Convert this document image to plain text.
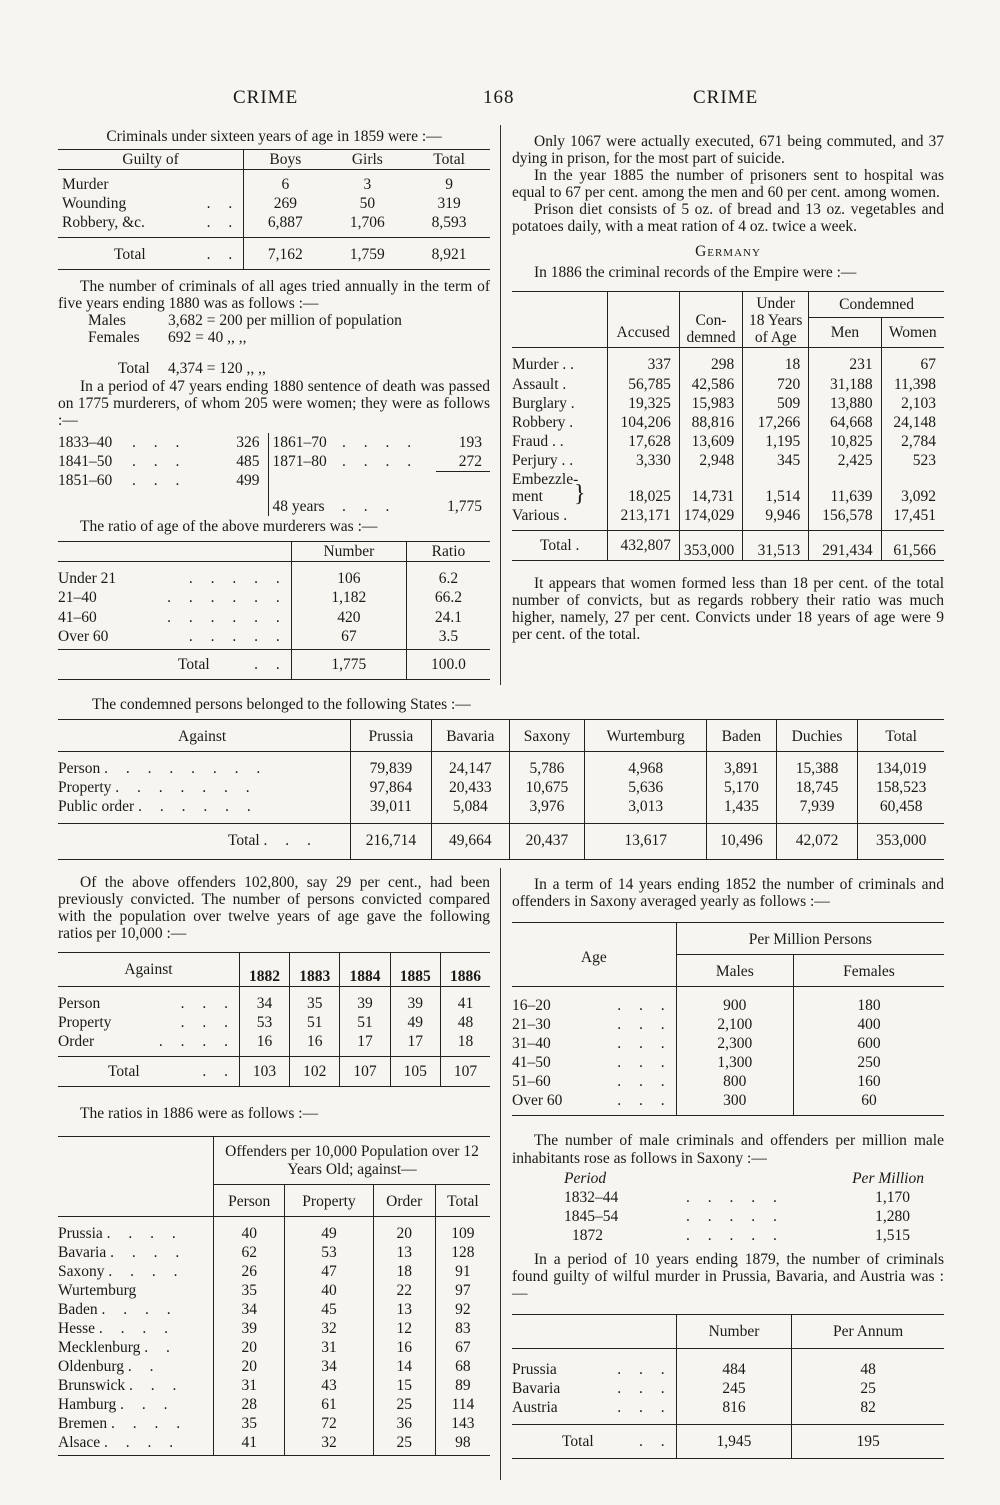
CRIME	168	CRIME

Criminals under sixteen years of age in 1859 were :—

Guilty of	Boys	Girls	Total
Murder	6	3	9
Wounding . .	269	50	319
Robbery, &c. . .	6,887	1,706	8,593
Total . .	7,162	1,759	8,921

The number of criminals of all ages tried annually in the term of five years ending 1880 was as follows :—

Males	3,682 = 200 per million of population
Females 692 = 40 ,, ,,
Total 4,374 = 120 ,, ,,

In a period of 47 years ending 1880 sentence of death was passed on 1775 murderers, of whom 205 were women; they were as follows :—

1833–40	. . .	326	1861–70	. . . .	193
1841–50	. . .	485	1871–80	. . . .	272
1851–60	. . .	499			
			48 years	. . .	1,775

The ratio of age of the above murderers was :—

	Number	Ratio
Under 21 . . . . .	106	6.2
21–40 . . . . . .	1,182	66.2
41–60 . . . . . .	420	24.1
Over 60 . . . . .	67	3.5
Total . .	1,775	100.0

Only 1067 were actually executed, 671 being commuted, and 37 dying in prison, for the most part of suicide.

In the year 1885 the number of prisoners sent to hospital was equal to 67 per cent. among the men and 60 per cent. among women.

Prison diet consists of 5 oz. of bread and 13 oz. vegetables and potatoes daily, with a meat ration of 4 oz. twice a week.

Germany

In 1886 the criminal records of the Empire were :—

	Accused	Con-demned	Under 18 Years of Age	Condemned	
				Men	Women
Murder . .	337	298	18	231	67
Assault .	56,785	42,586	720	31,188	11,398
Burglary .	19,325	15,983	509	13,880	2,103
Robbery .	104,206	88,816	17,266	64,668	24,148
Fraud . .	17,628	13,609	1,195	10,825	2,784
Perjury . .	3,330	2,948	345	2,425	523
Embezzle-ment }	18,025	14,731	1,514	11,639	3,092
Various .	213,171	174,029	9,946	156,578	17,451
Total .	432,807	353,000	31,513	291,434	61,566

It appears that women formed less than 18 per cent. of the total number of convicts, but as regards robbery their ratio was much higher, namely, 27 per cent. Convicts under 18 years of age were 9 per cent. of the total.

The condemned persons belonged to the following States :—

Against	Prussia	Bavaria	Saxony	Wurtemburg	Baden	Duchies	Total
Person . . . . . . . .	79,839	24,147	5,786	4,968	3,891	15,388	134,019
Property . . . . . . .	97,864	20,433	10,675	5,636	5,170	18,745	158,523
Public order . . . . . .	39,011	5,084	3,976	3,013	1,435	7,939	60,458
Total . . .	216,714	49,664	20,437	13,617	10,496	42,072	353,000

Of the above offenders 102,800, say 29 per cent., had been previously convicted. The number of persons convicted compared with the population over twelve years of age gave the following ratios per 10,000 :—

Against	1882	1883	1884	1885	1886
Person . . .	34	35	39	39	41
Property . . .	53	51	51	49	48
Order . . . .	16	16	17	17	18
Total . .	103	102	107	105	107

The ratios in 1886 were as follows :—

	Offenders per 10,000 Population over 12 Years Old; against—			
	Person	Property	Order	Total
Prussia . . . .	40	49	20	109
Bavaria . . . .	62	53	13	128
Saxony . . . .	26	47	18	91
Wurtemburg	35	40	22	97
Baden . . . .	34	45	13	92
Hesse . . . .	39	32	12	83
Mecklenburg . .	20	31	16	67
Oldenburg . .	20	34	14	68
Brunswick . . .	31	43	15	89
Hamburg . . .	28	61	25	114
Bremen . . . .	35	72	36	143
Alsace . . . .	41	32	25	98

In a term of 14 years ending 1852 the number of criminals and offenders in Saxony averaged yearly as follows :—

Age	Per Million Persons	
	Males	Females
16–20 . . .	900	180
21–30 . . .	2,100	400
31–40 . . .	2,300	600
41–50 . . .	1,300	250
51–60 . . .	800	160
Over 60 . . .	300	60

The number of male criminals and offenders per million male inhabitants rose as follows in Saxony :—

Period		Per Million
1832–44	. . . . .	1,170
1845–54	. . . . .	1,280
1872	. . . . .	1,515

In a period of 10 years ending 1879, the number of criminals found guilty of wilful murder in Prussia, Bavaria, and Austria was :—

	Number	Per Annum
Prussia . . .	484	48
Bavaria . . .	245	25
Austria . . .	816	82
Total . .	1,945	195
